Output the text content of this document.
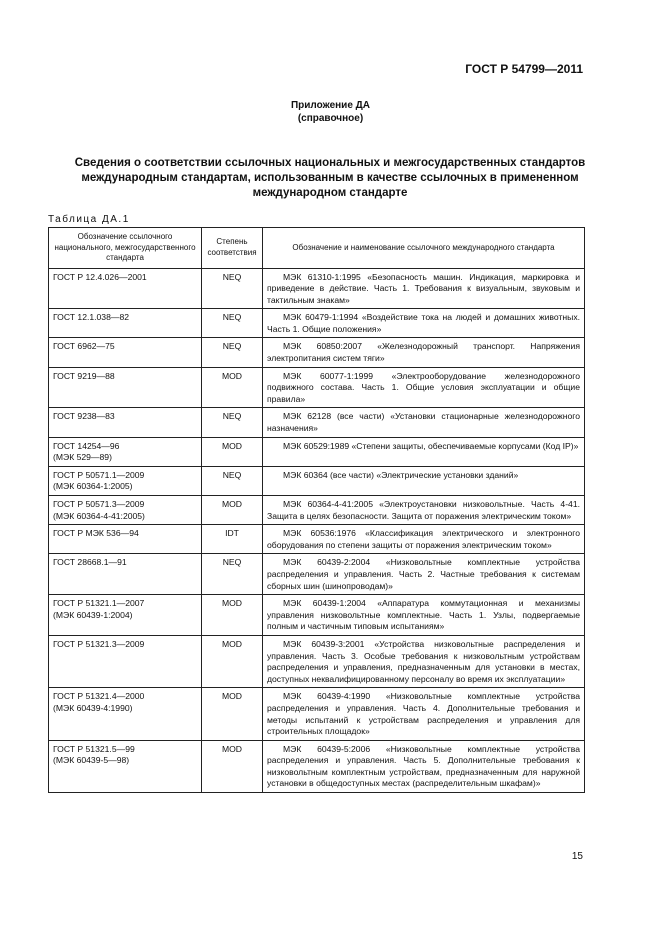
ГОСТ Р 54799—2011
Приложение ДА
(справочное)
Сведения о соответствии ссылочных национальных и межгосударственных стандартов
международным стандартам, использованным в качестве ссылочных в примененном
международном стандарте
Таблица ДА.1
Обозначение ссылочного национального, межгосударственного стандарта	Степень соответствия	Обозначение и наименование ссылочного международного стандарта

ГОСТ Р 12.4.026—2001	NEQ	МЭК 61310-1:1995 «Безопасность машин. Индикация, маркировка и приведение в действие. Часть 1. Требования к визуальным, звуковым и тактильным знакам»

ГОСТ 12.1.038—82	NEQ	МЭК 60479-1:1994 «Воздействие тока на людей и домашних животных. Часть 1. Общие положения»

ГОСТ 6962—75	NEQ	МЭК 60850:2007 «Железнодорожный транспорт. Напряжения электропитания систем тяги»

ГОСТ 9219—88	MOD	МЭК 60077-1:1999 «Электрооборудование железнодорожного подвижного состава. Часть 1. Общие условия эксплуатации и общие правила»

ГОСТ 9238—83	NEQ	МЭК 62128 (все части) «Установки стационарные железнодорожного назначения»

ГОСТ 14254—96
(МЭК 529—89)	MOD	МЭК 60529:1989 «Степени защиты, обеспечиваемые корпусами (Код IP)»

ГОСТ Р 50571.1—2009
(МЭК 60364-1:2005)	NEQ	МЭК 60364 (все части) «Электрические установки зданий»

ГОСТ Р 50571.3—2009
(МЭК 60364-4-41:2005)	MOD	МЭК 60364-4-41:2005 «Электроустановки низковольтные. Часть 4-41. Защита в целях безопасности. Защита от поражения электрическим током»

ГОСТ Р МЭК 536—94	IDT	МЭК 60536:1976 «Классификация электрического и электронного оборудования по степени защиты от поражения электрическим током»

ГОСТ 28668.1—91	NEQ	МЭК 60439-2:2004 «Низковольтные комплектные устройства распределения и управления. Часть 2. Частные требования к системам сборных шин (шинопроводам)»

ГОСТ Р 51321.1—2007
(МЭК 60439-1:2004)	MOD	МЭК 60439-1:2004 «Аппаратура коммутационная и механизмы управления низковольтные комплектные. Часть 1. Узлы, подвергаемые полным и частичным типовым испытаниям»

ГОСТ Р 51321.3—2009	MOD	МЭК 60439-3:2001 «Устройства низковольтные распределения и управления. Часть 3. Особые требования к низковольтным устройствам распределения и управления, предназначенным для установки в местах, доступных неквалифицированному персоналу во время их эксплуатации»

ГОСТ Р 51321.4—2000
(МЭК 60439-4:1990)	MOD	МЭК 60439-4:1990 «Низковольтные комплектные устройства распределения и управления. Часть 4. Дополнительные требования и методы испытаний к устройствам распределения и управления для строительных площадок»

ГОСТ Р 51321.5—99
(МЭК 60439-5—98)	MOD	МЭК 60439-5:2006 «Низковольтные комплектные устройства распределения и управления. Часть 5. Дополнительные требования к низковольтным комплектным устройствам, предназначенным для наружной установки в общедоступных местах (распределительным шкафам)»
15
